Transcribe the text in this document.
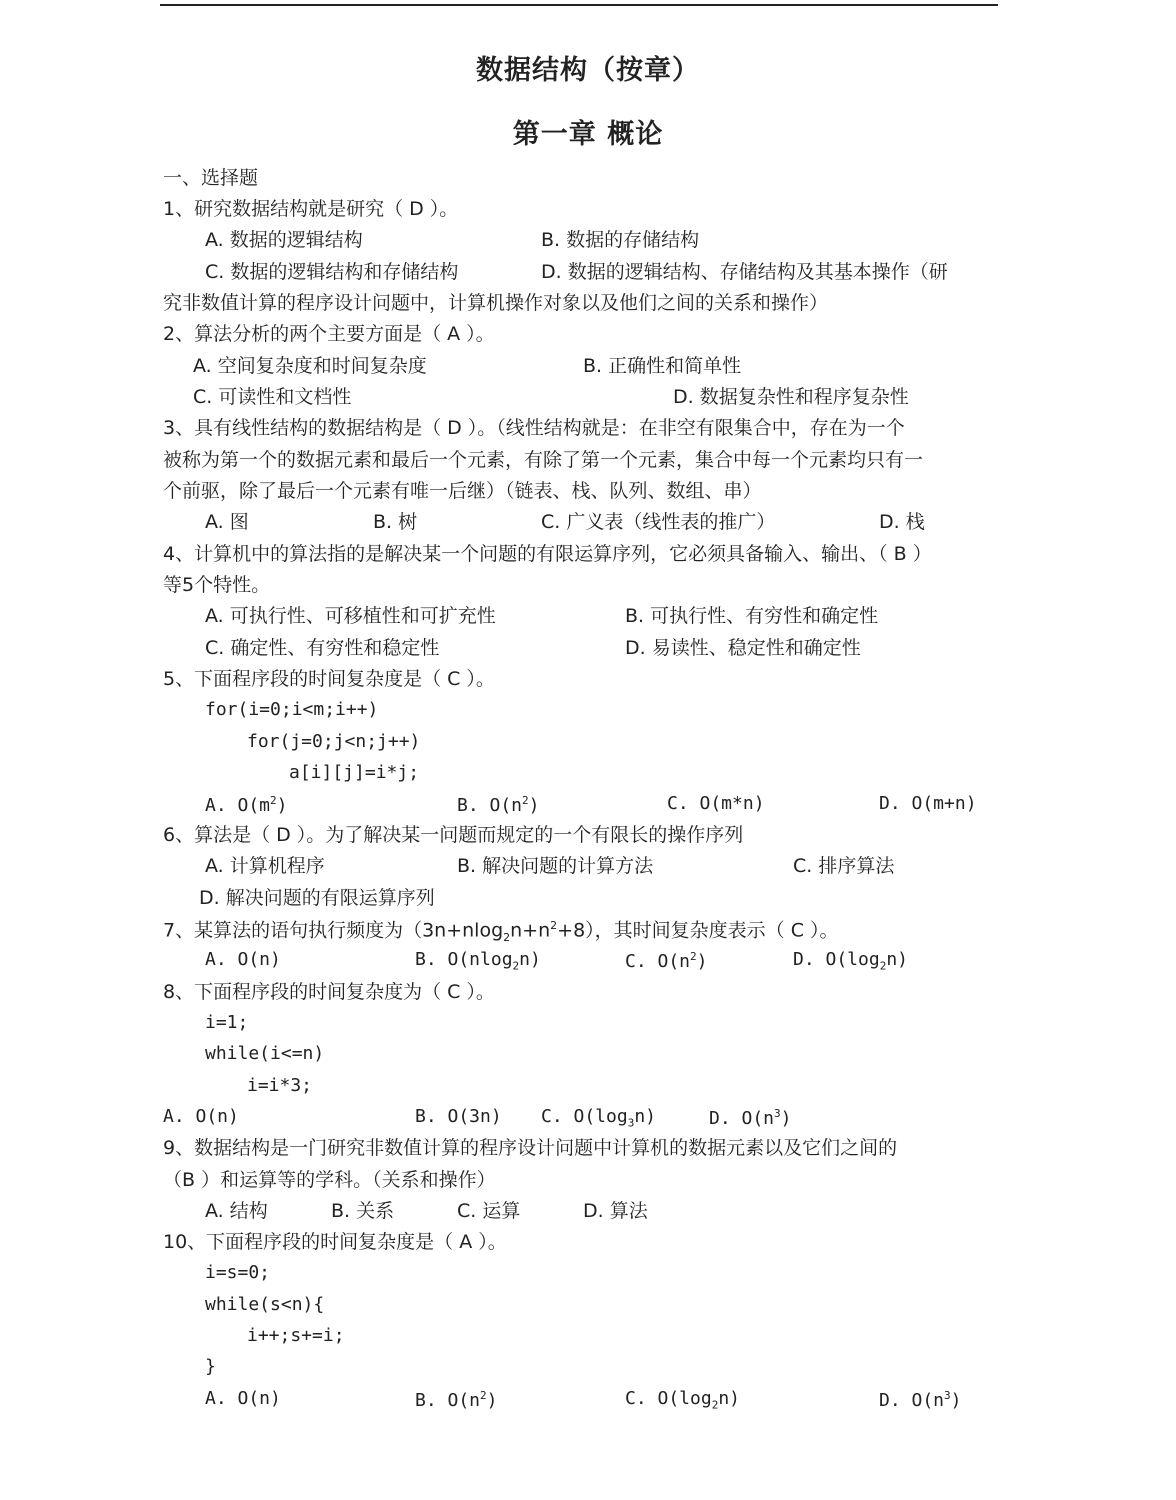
数据结构（按章）
第一章 概论
一、选择题
1、研究数据结构就是研究（ D ）。
A. 数据的逻辑结构	B. 数据的存储结构
C. 数据的逻辑结构和存储结构	D. 数据的逻辑结构、存储结构及其基本操作（研
究非数值计算的程序设计问题中，计算机操作对象以及他们之间的关系和操作）
2、算法分析的两个主要方面是（ A ）。
A. 空间复杂度和时间复杂度	B. 正确性和简单性
C. 可读性和文档性	D. 数据复杂性和程序复杂性
3、具有线性结构的数据结构是（ D ）。（线性结构就是：在非空有限集合中，存在为一个
被称为第一个的数据元素和最后一个元素，有除了第一个元素，集合中每一个元素均只有一
个前驱，除了最后一个元素有唯一后继）（链表、栈、队列、数组、串）
A. 图	B. 树	C. 广义表（线性表的推广）	D. 栈
4、计算机中的算法指的是解决某一个问题的有限运算序列，它必须具备输入、输出、（ B ）
等5个特性。
A. 可执行性、可移植性和可扩充性	B. 可执行性、有穷性和确定性
C. 确定性、有穷性和稳定性	D. 易读性、稳定性和确定性
5、下面程序段的时间复杂度是（ C ）。
for(i=0;i<m;i++)
for(j=0;j<n;j++)
a[i][j]=i*j;
A. $O(m^2)$	B. $O(n^2)$	C. O(m*n)	D. O(m+n)
6、算法是（ D ）。为了解决某一问题而规定的一个有限长的操作序列
A. 计算机程序	B. 解决问题的计算方法	C. 排序算法
D. 解决问题的有限运算序列
7、某算法的语句执行频度为$(3n+nlog_2n+n^2+8)$，其时间复杂度表示（ C ）。
A. O(n)	B. O(nlog$_2$n)	C. $O(n^2)$	D. $O(\log_2n)$
8、下面程序段的时间复杂度为（ C ）。
i=1;
while(i<=n)
i=i*3;
A. O(n)	B. O(3n) C. $O(\log_3n)$	D. $O(n^3)$
9、数据结构是一门研究非数值计算的程序设计问题中计算机的数据元素以及它们之间的
（B ）和运算等的学科。（关系和操作）
A. 结构	B. 关系	C. 运算	D. 算法
10、下面程序段的时间复杂度是（ A ）。
i=s=0;
while(s<n){
i++;s+=i;
}
A. O(n)	B. $O(n^2)$	C. $O(\log_2n)$	D. $O(n^3)$
